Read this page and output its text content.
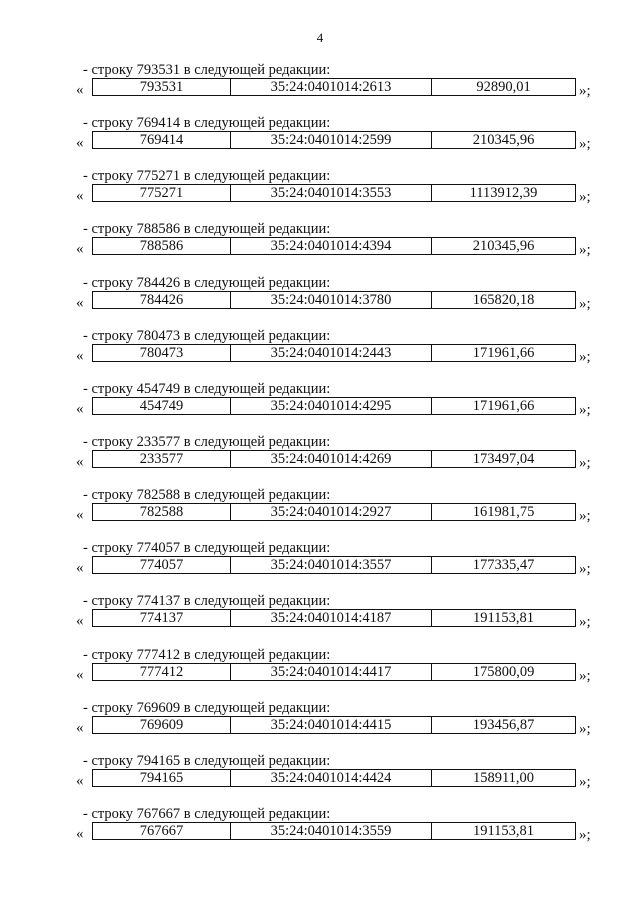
4
- строку 793531 в следующей редакции:
«	793531	35:24:0401014:2613	92890,01	»;
- строку 769414 в следующей редакции:
«	769414	35:24:0401014:2599	210345,96	»;
- строку 775271 в следующей редакции:
«	775271	35:24:0401014:3553	1113912,39	»;
- строку 788586 в следующей редакции:
«	788586	35:24:0401014:4394	210345,96	»;
- строку 784426 в следующей редакции:
«	784426	35:24:0401014:3780	165820,18	»;
- строку 780473 в следующей редакции:
«	780473	35:24:0401014:2443	171961,66	»;
- строку 454749 в следующей редакции:
«	454749	35:24:0401014:4295	171961,66	»;
- строку 233577 в следующей редакции:
«	233577	35:24:0401014:4269	173497,04	»;
- строку 782588 в следующей редакции:
«	782588	35:24:0401014:2927	161981,75	»;
- строку 774057 в следующей редакции:
«	774057	35:24:0401014:3557	177335,47	»;
- строку 774137 в следующей редакции:
«	774137	35:24:0401014:4187	191153,81	»;
- строку 777412 в следующей редакции:
«	777412	35:24:0401014:4417	175800,09	»;
- строку 769609 в следующей редакции:
«	769609	35:24:0401014:4415	193456,87	»;
- строку 794165 в следующей редакции:
«	794165	35:24:0401014:4424	158911,00	»;
- строку 767667 в следующей редакции:
«	767667	35:24:0401014:3559	191153,81	»;
